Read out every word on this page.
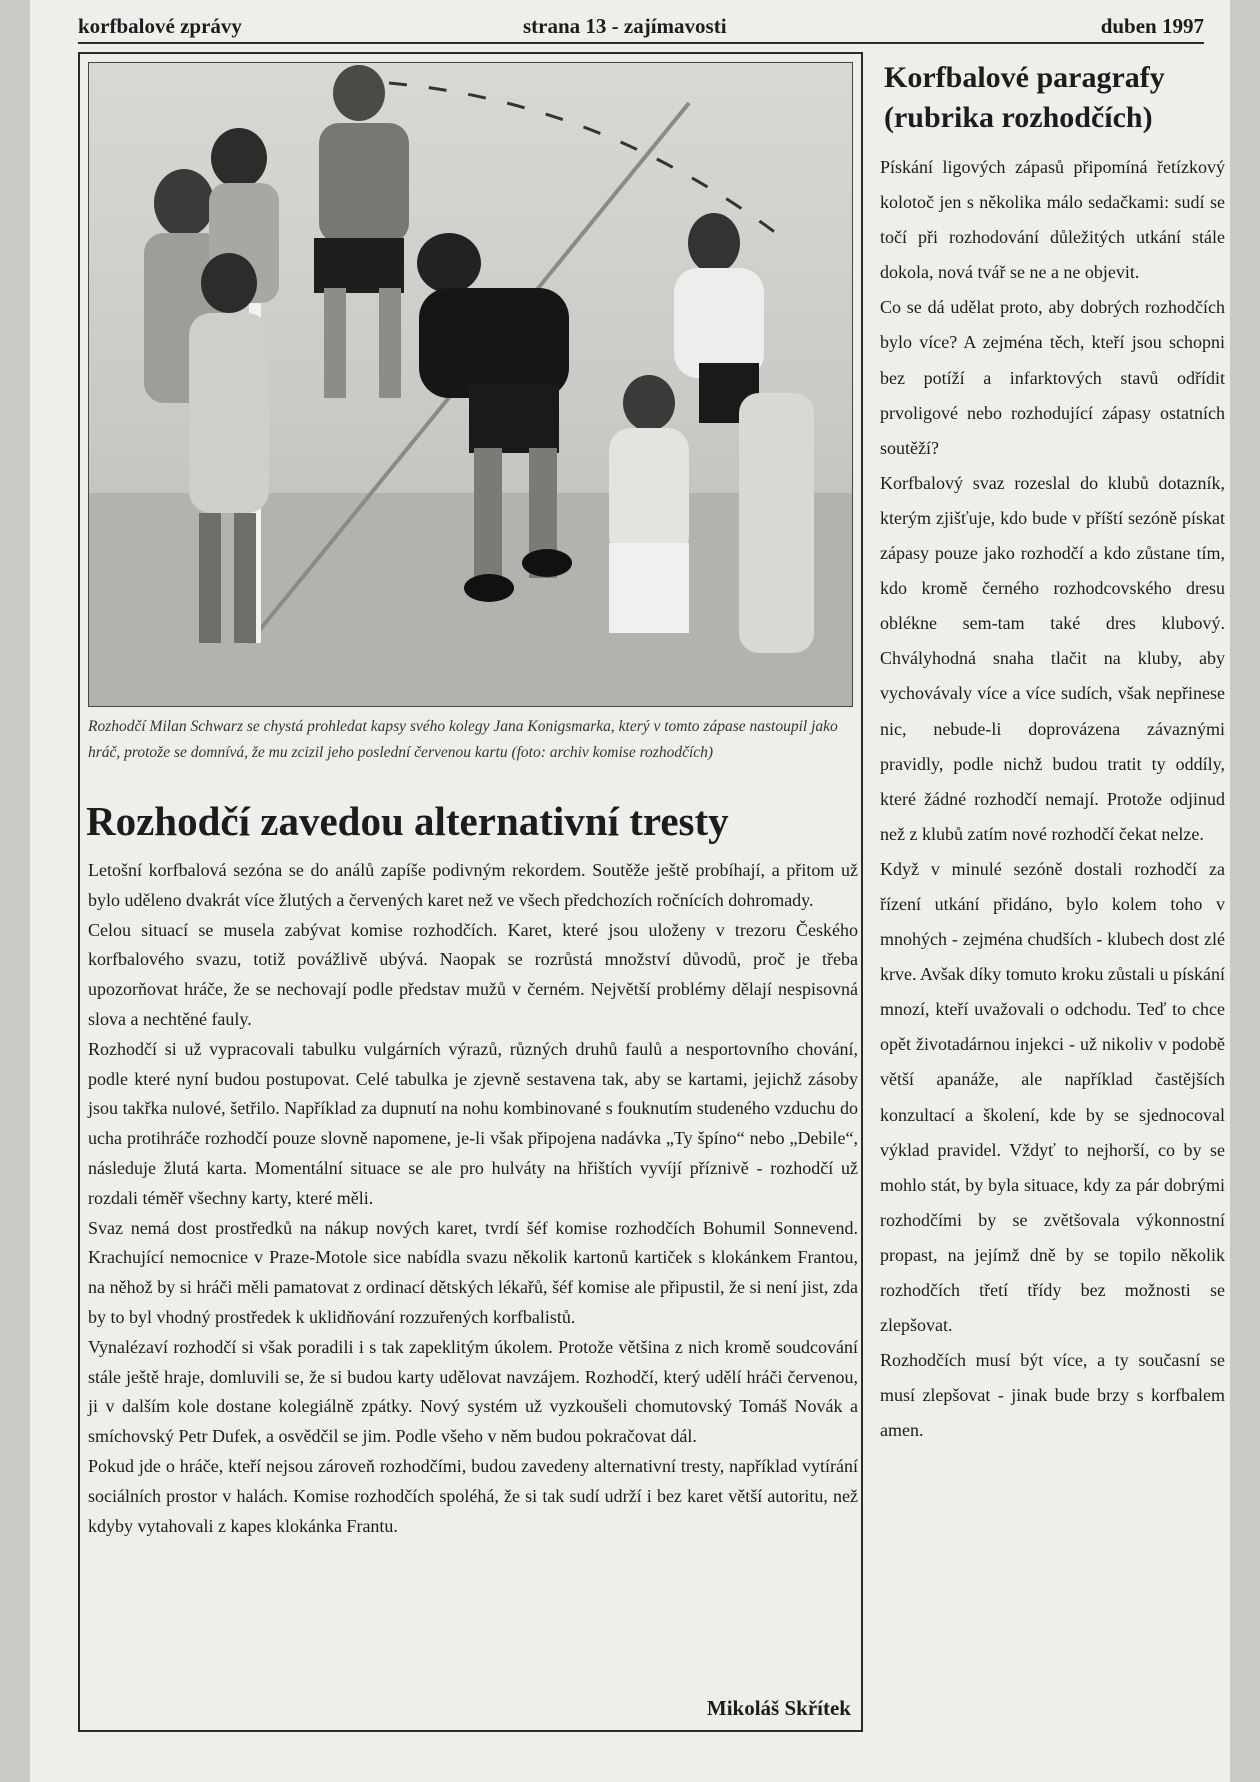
korfbalové zprávy	strana 13 - zajímavosti	duben 1997
Rozhodčí Milan Schwarz se chystá prohledat kapsy svého kolegy Jana Konigsmarka, který v tomto zápase nastoupil jako hráč, protože se domnívá, že mu zcizil jeho poslední červenou kartu (foto: archiv komise rozhodčích)
Rozhodčí zavedou alternativní tresty

Letošní korfbalová sezóna se do análů zapíše podivným rekordem. Soutěže ještě probíhají, a přitom už bylo uděleno dvakrát více žlutých a červených karet než ve všech předchozích ročnících dohromady.

Celou situací se musela zabývat komise rozhodčích. Karet, které jsou uloženy v trezoru Českého korfbalového svazu, totiž povážlivě ubývá. Naopak se rozrůstá množství důvodů, proč je třeba upozorňovat hráče, že se nechovají podle představ mužů v černém. Největší problémy dělají nespisovná slova a nechtěné fauly.

Rozhodčí si už vypracovali tabulku vulgárních výrazů, různých druhů faulů a nesportovního chování, podle které nyní budou postupovat. Celé tabulka je zjevně sestavena tak, aby se kartami, jejichž zásoby jsou takřka nulové, šetřilo. Například za dupnutí na nohu kombinované s fouknutím studeného vzduchu do ucha protihráče rozhodčí pouze slovně napomene, je-li však připojena nadávka „Ty špíno“ nebo „Debile“, následuje žlutá karta. Momentální situace se ale pro hulváty na hřištích vyvíjí příznivě - rozhodčí už rozdali téměř všechny karty, které měli.

Svaz nemá dost prostředků na nákup nových karet, tvrdí šéf komise rozhodčích Bohumil Sonnevend. Krachující nemocnice v Praze-Motole sice nabídla svazu několik kartonů kartiček s klokánkem Frantou, na něhož by si hráči měli pamatovat z ordinací dětských lékařů, šéf komise ale připustil, že si není jist, zda by to byl vhodný prostředek k uklidňování rozzuřených korfbalistů.

Vynalézaví rozhodčí si však poradili i s tak zapeklitým úkolem. Protože většina z nich kromě soudcování stále ještě hraje, domluvili se, že si budou karty udělovat navzájem. Rozhodčí, který udělí hráči červenou, ji v dalším kole dostane kolegiálně zpátky. Nový systém už vyzkoušeli chomutovský Tomáš Novák a smíchovský Petr Dufek, a osvědčil se jim. Podle všeho v něm budou pokračovat dál.

Pokud jde o hráče, kteří nejsou zároveň rozhodčími, budou zavedeny alternativní tresty, například vytírání sociálních prostor v halách. Komise rozhodčích spoléhá, že si tak sudí udrží i bez karet větší autoritu, než kdyby vytahovali z kapes klokánka Frantu.

Mikoláš Skřítek
Korfbalové paragrafy (rubrika rozhodčích)

Pískání ligových zápasů připomíná řetízkový kolotoč jen s několika málo sedačkami: sudí se točí při rozhodování důležitých utkání stále dokola, nová tvář se ne a ne objevit.

Co se dá udělat proto, aby dobrých rozhodčích bylo více? A zejména těch, kteří jsou schopni bez potíží a infarktových stavů odřídit prvoligové nebo rozhodující zápasy ostatních soutěží?

Korfbalový svaz rozeslal do klubů dotazník, kterým zjišťuje, kdo bude v příští sezóně pískat zápasy pouze jako rozhodčí a kdo zůstane tím, kdo kromě černého rozhodcovského dresu oblékne sem-tam také dres klubový. Chvályhodná snaha tlačit na kluby, aby vychovávaly více a více sudích, však nepřinese nic, nebude-li doprovázena závaznými pravidly, podle nichž budou tratit ty oddíly, které žádné rozhodčí nemají. Protože odjinud než z klubů zatím nové rozhodčí čekat nelze.

Když v minulé sezóně dostali rozhodčí za řízení utkání přidáno, bylo kolem toho v mnohých - zejména chudších - klubech dost zlé krve. Avšak díky tomuto kroku zůstali u pískání mnozí, kteří uvažovali o odchodu. Teď to chce opět životadárnou injekci - už nikoliv v podobě větší apanáže, ale například častějších konzultací a školení, kde by se sjednocoval výklad pravidel. Vždyť to nejhorší, co by se mohlo stát, by byla situace, kdy za pár dobrými rozhodčími by se zvětšovala výkonnostní propast, na jejímž dně by se topilo několik rozhodčích třetí třídy bez možnosti se zlepšovat.

Rozhodčích musí být více, a ty současní se musí zlepšovat - jinak bude brzy s korfbalem amen.
